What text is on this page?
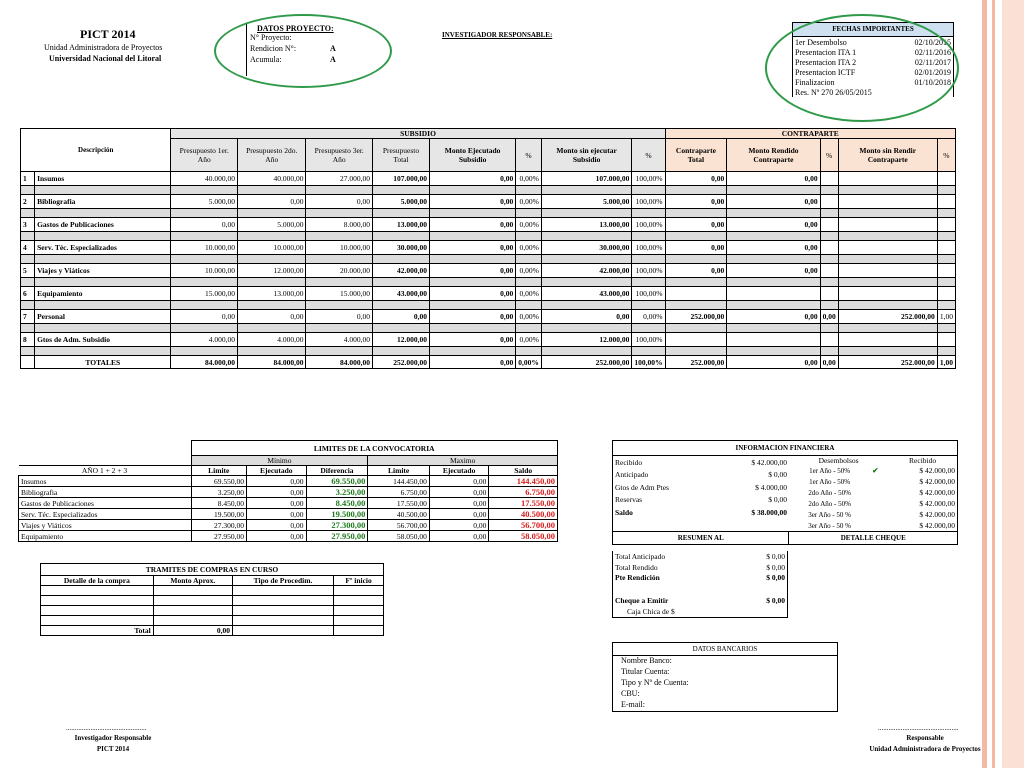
PICT 2014
Unidad Administradora de Proyectos
Universidad Nacional del Litoral
DATOS PROYECTO:
N° Proyecto:
Rendicion N°:	A
Acumula:	A
INVESTIGADOR RESPONSABLE:
FECHAS IMPORTANTES
1er Desembolso	02/10/2015
Presentacion ITA 1	02/11/2016
Presentacion ITA 2	02/11/2017
Presentacion ICTF	02/01/2019
Finalizacion	01/10/2018
Res. Nº 270 26/05/2015	
Descripción		SUBSIDIO								CONTRAPARTE				
		Presupuesto 1er. Año	Presupuesto 2do. Año	Presupuesto 3er. Año	Presupuesto Total	Monto Ejecutado Subsidio	%	Monto sin ejecutar Subsidio	%	Contraparte Total	Monto Rendido Contraparte	%	Monto sin Rendir Contraparte	%
1	Insumos	40.000,00	40.000,00	27.000,00	107.000,00	0,00	0,00%	107.000,00	100,00%	0,00	0,00			

2	Bibliografia	5.000,00	0,00	0,00	5.000,00	0,00	0,00%	5.000,00	100,00%	0,00	0,00			

3	Gastos de Publicaciones	0,00	5.000,00	8.000,00	13.000,00	0,00	0,00%	13.000,00	100,00%	0,00	0,00			

4	Serv. Téc. Especializados	10.000,00	10.000,00	10.000,00	30.000,00	0,00	0,00%	30.000,00	100,00%	0,00	0,00			

5	Viajes y Viáticos	10.000,00	12.000,00	20.000,00	42.000,00	0,00	0,00%	42.000,00	100,00%	0,00	0,00			

6	Equipamiento	15.000,00	13.000,00	15.000,00	43.000,00	0,00	0,00%	43.000,00	100,00%					

7	Personal	0,00	0,00	0,00	0,00	0,00	0,00%	0,00	0,00%	252.000,00	0,00	0,00	252.000,00	1,00

8	Gtos de Adm. Subsidio	4.000,00	4.000,00	4.000,00	12.000,00	0,00	0,00%	12.000,00	100,00%					

	TOTALES	84.000,00	84.000,00	84.000,00	252.000,00	0,00	0,00%	252.000,00	100,00%	252.000,00	0,00	0,00	252.000,00	1,00
	LIMITES DE LA CONVOCATORIA					
	Mínimo			Maximo		
AÑO 1 + 2 + 3	Limite	Ejecutado	Diferencia	Limite	Ejecutado	Saldo
Insumos	69.550,00	0,00	69.550,00	144.450,00	0,00	144.450,00
Bibliografia	3.250,00	0,00	3.250,00	6.750,00	0,00	6.750,00
Gastos de Publicaciones	8.450,00	0,00	8.450,00	17.550,00	0,00	17.550,00
Serv. Téc. Especializados	19.500,00	0,00	19.500,00	40.500,00	0,00	40.500,00
Viajes y Viáticos	27.300,00	0,00	27.300,00	56.700,00	0,00	56.700,00
Equipamiento	27.950,00	0,00	27.950,00	58.050,00	0,00	58.050,00
TRAMITES DE COMPRAS EN CURSO			
Detalle de la compra	Monto Aprox.	Tipo de Procedim.	Fº inicio

Total	0,00		
INFORMACION FINANCIERA
Recibido	$ 42.000,00
Anticipado	$ 0,00
Gtos de Adm Ptes	$ 4.000,00
Reservas	$ 0,00
Saldo	$ 38.000,00

Desembolsos		Recibido
1er Año - 50%	✔	$ 42.000,00
1er Año - 50%		$ 42.000,00
2do Año - 50%		$ 42.000,00
2do Año - 50%		$ 42.000,00
3er Año - 50 %		$ 42.000,00
3er Año - 50 %		$ 42.000,00
RESUMEN AL	DETALLE CHEQUE
Total Anticipado	$ 0,00
Total Rendido	$ 0,00
Pte Rendición	$ 0,00
Cheque a Emitir	$ 0,00
Caja Chica de $	
DATOS BANCARIOS
Nombre Banco:
Titular Cuenta:
Tipo y Nº de Cuenta:
CBU:
E-mail:
..............................................
Investigador Responsable
PICT 2014
..............................................
Responsable
Unidad Administradora de Proyectos
